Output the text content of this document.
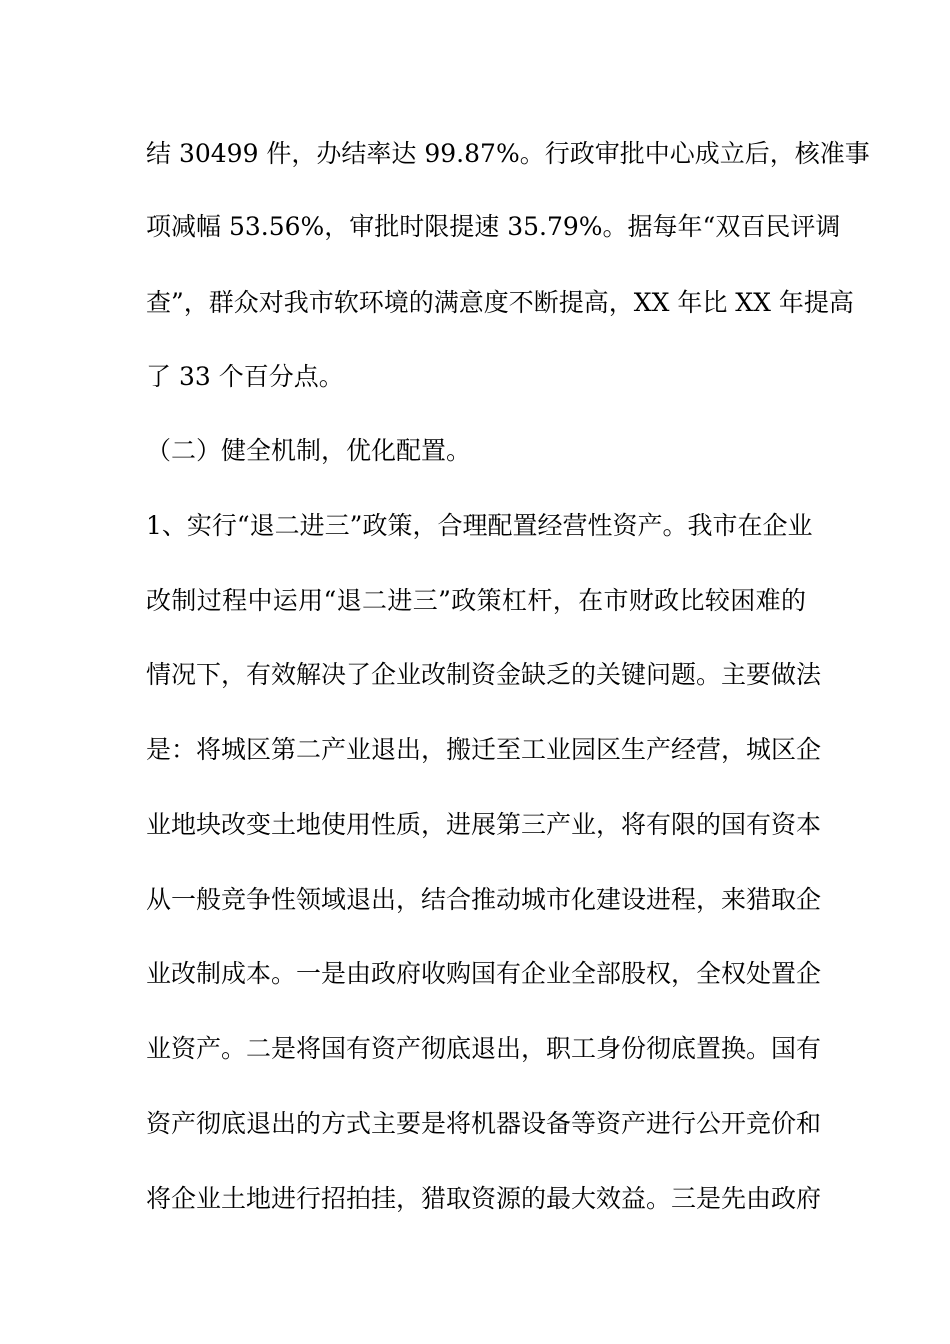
结 30499 件，办结率达 99.87%。行政审批中心成立后，核准事
项减幅 53.56%，审批时限提速 35.79%。据每年“双百民评调
查”，群众对我市软环境的满意度不断提高，XX 年比 XX 年提高
了 33 个百分点。
（二）健全机制，优化配置。
1、实行“退二进三”政策，合理配置经营性资产。我市在企业
改制过程中运用“退二进三”政策杠杆，在市财政比较困难的
情况下，有效解决了企业改制资金缺乏的关键问题。主要做法
是：将城区第二产业退出，搬迁至工业园区生产经营，城区企
业地块改变土地使用性质，进展第三产业，将有限的国有资本
从一般竞争性领域退出，结合推动城市化建设进程，来猎取企
业改制成本。一是由政府收购国有企业全部股权，全权处置企
业资产。二是将国有资产彻底退出，职工身份彻底置换。国有
资产彻底退出的方式主要是将机器设备等资产进行公开竞价和
将企业土地进行招拍挂，猎取资源的最大效益。三是先由政府
